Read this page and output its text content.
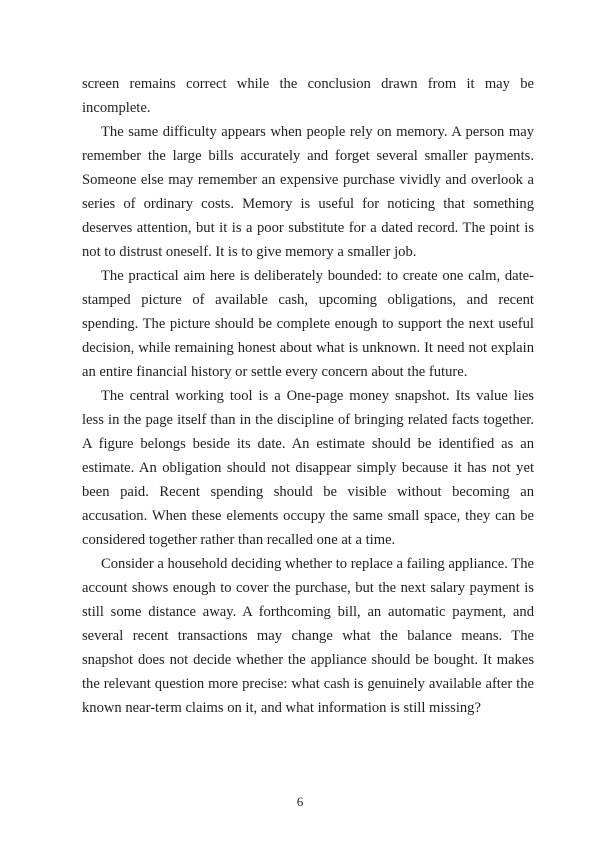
screen remains correct while the conclusion drawn from it may be incomplete.

The same difficulty appears when people rely on memory. A person may remember the large bills accurately and forget several smaller payments. Someone else may remember an expensive purchase vividly and overlook a series of ordinary costs. Memory is useful for noticing that something deserves attention, but it is a poor substitute for a dated record. The point is not to distrust oneself. It is to give memory a smaller job.

The practical aim here is deliberately bounded: to create one calm, date-stamped picture of available cash, upcoming obligations, and recent spending. The picture should be complete enough to support the next useful decision, while remaining honest about what is unknown. It need not explain an entire financial history or settle every concern about the future.

The central working tool is a One-page money snapshot. Its value lies less in the page itself than in the discipline of bringing related facts together. A figure belongs beside its date. An estimate should be identified as an estimate. An obligation should not disappear simply because it has not yet been paid. Recent spending should be visible without becoming an accusation. When these elements occupy the same small space, they can be considered together rather than recalled one at a time.

Consider a household deciding whether to replace a failing appliance. The account shows enough to cover the purchase, but the next salary payment is still some distance away. A forthcoming bill, an automatic payment, and several recent transactions may change what the balance means. The snapshot does not decide whether the appliance should be bought. It makes the relevant question more precise: what cash is genuinely available after the known near-term claims on it, and what information is still missing?

6
